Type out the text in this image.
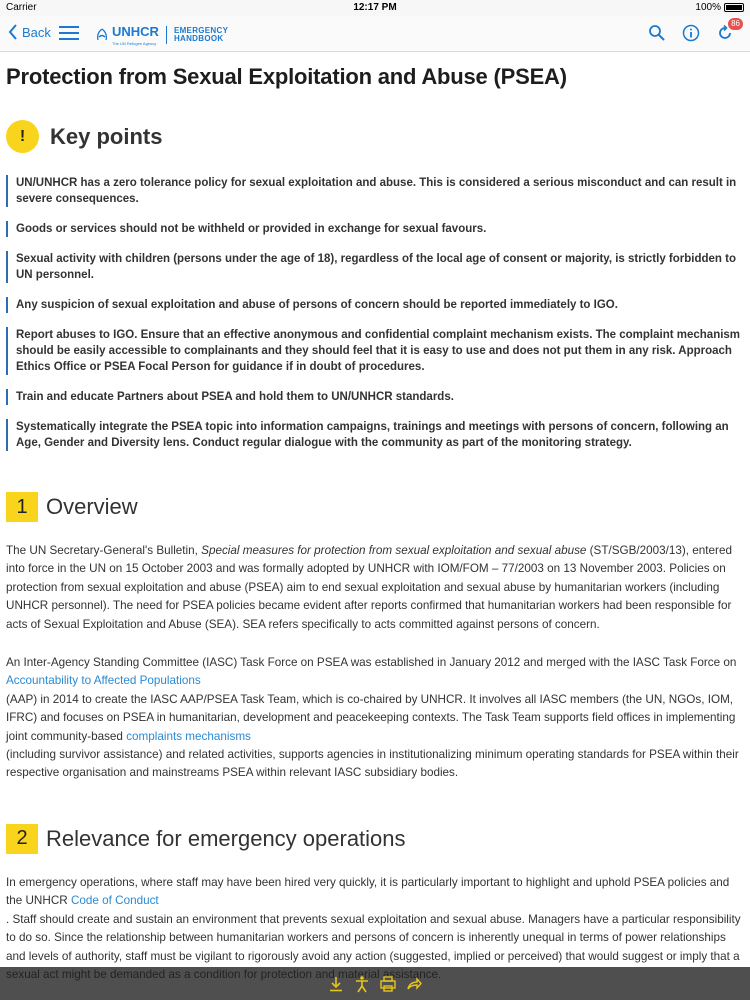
Carrier	12:17 PM	100%
Back	UNHCR
The UN Refugee Agency
EMERGENCY
HANDBOOK
86
Protection from Sexual Exploitation and Abuse (PSEA)
!	Key points
UN/UNHCR has a zero tolerance policy for sexual exploitation and abuse. This is considered a serious misconduct and can result in severe consequences.
Goods or services should not be withheld or provided in exchange for sexual favours.
Sexual activity with children (persons under the age of 18), regardless of the local age of consent or majority, is strictly forbidden to UN personnel.
Any suspicion of sexual exploitation and abuse of persons of concern should be reported immediately to IGO.
Report abuses to IGO. Ensure that an effective anonymous and confidential complaint mechanism exists. The complaint mechanism should be easily accessible to complainants and they should feel that it is easy to use and does not put them in any risk. Approach Ethics Office or PSEA Focal Person for guidance if in doubt of procedures.
Train and educate Partners about PSEA and hold them to UN/UNHCR standards.
Systematically integrate the PSEA topic into information campaigns, trainings and meetings with persons of concern, following an Age, Gender and Diversity lens. Conduct regular dialogue with the community as part of the monitoring strategy.
1 Overview

The UN Secretary-General's Bulletin, Special measures for protection from sexual exploitation and sexual abuse (ST/SGB/2003/13), entered into force in the UN on 15 October 2003 and was formally adopted by UNHCR with IOM/FOM – 77/2003 on 13 November 2003. Policies on protection from sexual exploitation and abuse (PSEA) aim to end sexual exploitation and sexual abuse by humanitarian workers (including UNHCR personnel). The need for PSEA policies became evident after reports confirmed that humanitarian workers had been responsible for acts of Sexual Exploitation and Abuse (SEA). SEA refers specifically to acts committed against persons of concern.

An Inter-Agency Standing Committee (IASC) Task Force on PSEA was established in January 2012 and merged with the IASC Task Force on Accountability to Affected Populations
(AAP) in 2014 to create the IASC AAP/PSEA Task Team, which is co-chaired by UNHCR. It involves all IASC members (the UN, NGOs, IOM, IFRC) and focuses on PSEA in humanitarian, development and peacekeeping contexts. The Task Team supports field offices in implementing joint community-based complaints mechanisms
(including survivor assistance) and related activities, supports agencies in institutionalizing minimum operating standards for PSEA within their respective organisation and mainstreams PSEA within relevant IASC subsidiary bodies.

2 Relevance for emergency operations

In emergency operations, where staff may have been hired very quickly, it is particularly important to highlight and uphold PSEA policies and the UNHCR Code of Conduct
. Staff should create and sustain an environment that prevents sexual exploitation and sexual abuse. Managers have a particular responsibility to do so. Since the relationship between humanitarian workers and persons of concern is inherently unequal in terms of power relationships and levels of authority, staff must be vigilant to rigorously avoid any action (suggested, implied or perceived) that would suggest or imply that a
